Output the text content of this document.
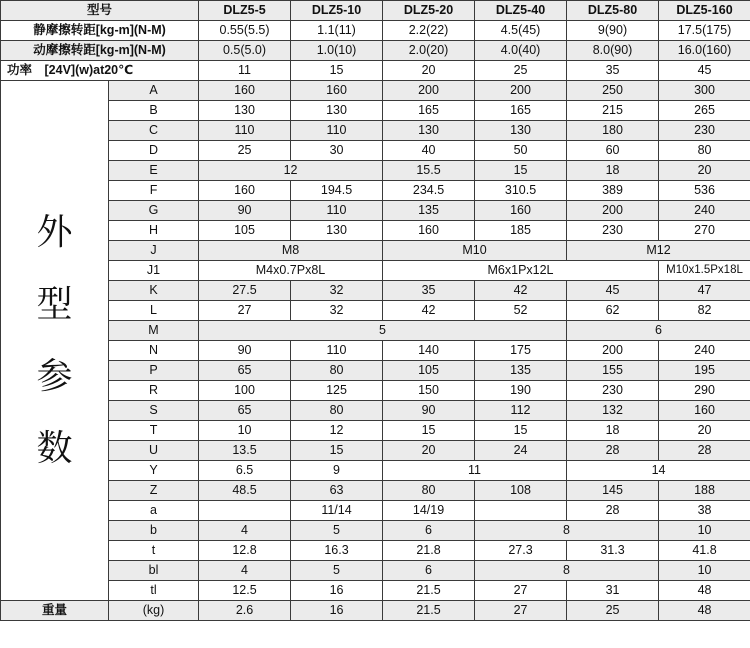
型号		DLZ5-5	DLZ5-10	DLZ5-20	DLZ5-40	DLZ5-80	DLZ5-160
静摩擦转距[kg-m](N-M)		0.55(5.5)	1.1(11)	2.2(22)	4.5(45)	9(90)	17.5(175)
动摩擦转距[kg-m](N-M)		0.5(5.0)	1.0(10)	2.0(20)	4.0(40)	8.0(90)	16.0(160)
功率　[24V](w)at20℃		11	15	20	25	35	45

外
型
参
数	A	160	160	200	200	250	300
	B	130	130	165	165	215	265
	C	110	110	130	130	180	230
	D	25	30	40	50	60	80
	E	12		15.5	15	18	20
	F	160	194.5	234.5	310.5	389	536
	G	90	110	135	160	200	240
	H	105	130	160	185	230	270
	J	M8		M10		M12	
	J1	M4x0.7Px8L		M6x1Px12L			M10x1.5Px18L
	K	27.5	32	35	42	45	47
	L	27	32	42	52	62	82
	M	5				6	
	N	90	110	140	175	200	240
	P	65	80	105	135	155	195
	R	100	125	150	190	230	290
	S	65	80	90	112	132	160
	T	10	12	15	15	18	20
	U	13.5	15	20	24	28	28
	Y	6.5	9	11		14	
	Z	48.5	63	80	108	145	188
	a		11/14	14/19		28	38
	b	4	5	6	8		10
	t	12.8	16.3	21.8	27.3	31.3	41.8
	bl	4	5	6	8		10
	tl	12.5	16	21.5	27	31	48
重量	(kg)	2.6	16	21.5	27	25	48
